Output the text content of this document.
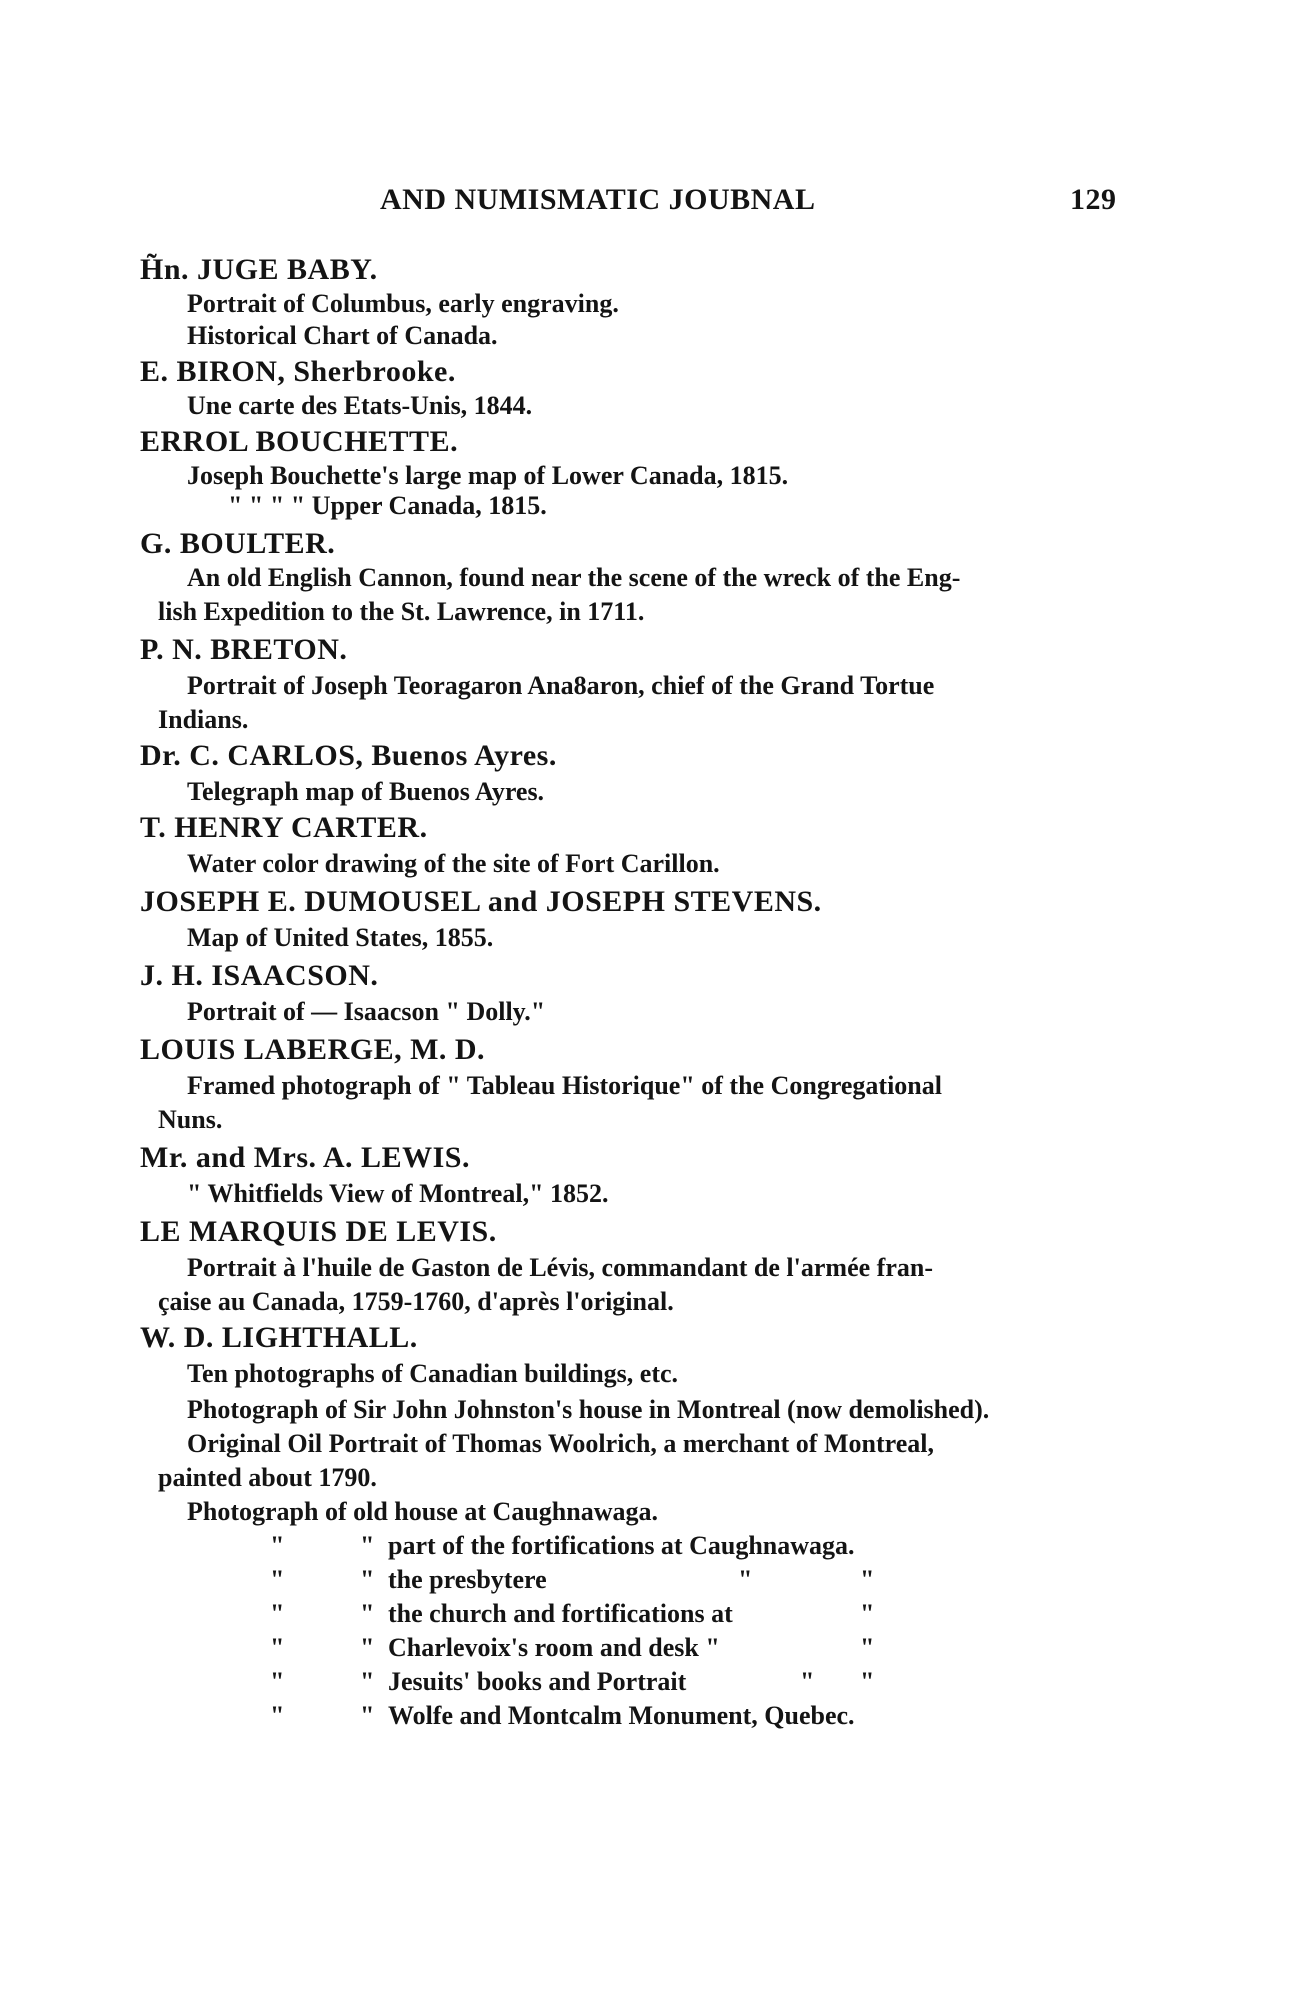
AND NUMISMATIC JOUBNAL	129
H̃n. JUGE BABY.
Portrait of Columbus, early engraving.
Historical Chart of Canada.
E. BIRON, Sherbrooke.
Une carte des Etats-Unis, 1844.
ERROL BOUCHETTE.
Joseph Bouchette's large map of Lower Canada, 1815.
" " " " Upper Canada, 1815.
G. BOULTER.
An old English Cannon, found near the scene of the wreck of the Eng-
lish Expedition to the St. Lawrence, in 1711.
P. N. BRETON.
Portrait of Joseph Teoragaron Ana8aron, chief of the Grand Tortue
Indians.
Dr. C. CARLOS, Buenos Ayres.
Telegraph map of Buenos Ayres.
T. HENRY CARTER.
Water color drawing of the site of Fort Carillon.
JOSEPH E. DUMOUSEL and JOSEPH STEVENS.
Map of United States, 1855.
J. H. ISAACSON.
Portrait of — Isaacson " Dolly."
LOUIS LABERGE, M. D.
Framed photograph of " Tableau Historique" of the Congregational
Nuns.
Mr. and Mrs. A. LEWIS.
" Whitfields View of Montreal," 1852.
LE MARQUIS DE LEVIS.
Portrait à l'huile de Gaston de Lévis, commandant de l'armée fran-
çaise au Canada, 1759-1760, d'après l'original.
W. D. LIGHTHALL.
Ten photographs of Canadian buildings, etc.
Photograph of Sir John Johnston's house in Montreal (now demolished).
Original Oil Portrait of Thomas Woolrich, a merchant of Montreal,
painted about 1790.
Photograph of old house at Caughnawaga.
"	" part of the fortifications at Caughnawaga.
"	" the presbytere	"	"
"	" the church and fortifications at	"
"	" Charlevoix's room and desk "	"
"	" Jesuits' books and Portrait	" "
"	" Wolfe and Montcalm Monument, Quebec.
